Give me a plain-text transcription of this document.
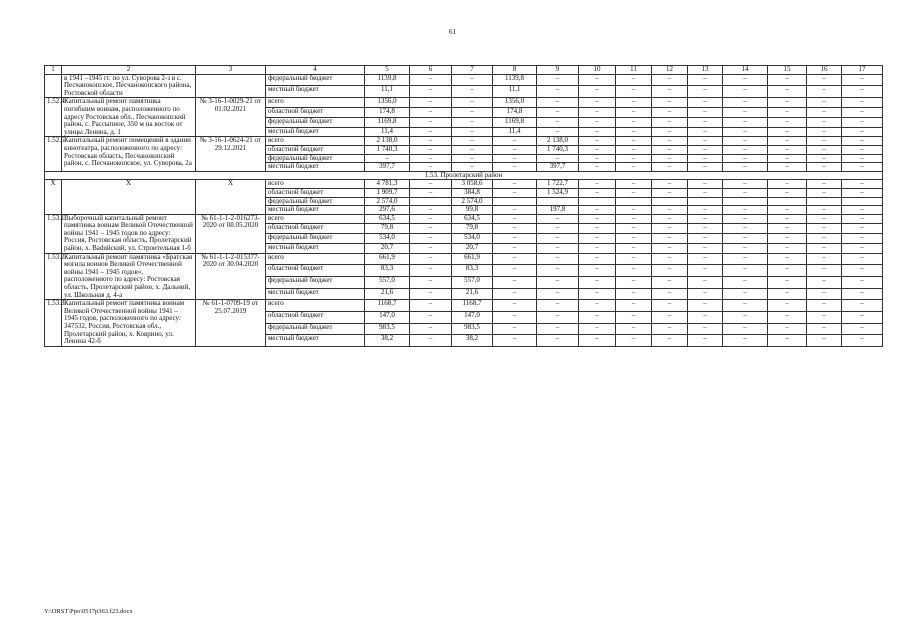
61
1	2	3	4	5	6	7	8	9	10	11	12	13	14	15	16	17
	в 1941 –1945 гг. по ул. Суворова 2-з в с. Песчанокопское, Песчанокопского района, Ростовской области		федеральный бюджет	1139,8	–	–	1139,8	–	–	–	–	–	–	–	–	–
			местный бюджет	11,1	–	–	11,1	–	–	–	–	–	–	–	–	–
1.52.4.	Капитальный ремонт памятника погибшим воинам, расположенного по адресу Ростовская обл., Песчанокопский район, с. Рассыпное, 350 м на восток от улицы Ленина, д. 1	№ 3-16-1-0029-21 от 01.02.2021	всего	1356,0	–	–	1356,0	–	–	–	–	–	–	–	–	–
			областной бюджет	174,8	–	–	174,8	–	–	–	–	–	–	–	–	–
			федеральный бюджет	1169,8	–	–	1169,8	–	–	–	–	–	–	–	–	–
			местный бюджет	11,4	–	–	11,4	–	–	–	–	–	–	–	–	–
1.52.5.	Капитальный ремонт помещений в здании кинотеатра, расположенного по адресу: Ростовская область, Песчанокопский район, с. Песчанокопское, ул. Суворова, 2а	№ 3-16-1-0624-21 от 29.12.2021	всего	2 138,0	–	–	–	2 138,0	–	–	–	–	–	–	–	–
			областной бюджет	1 740,3	–	–	–	1 740,3	–	–	–	–	–	–	–	–
			федеральный бюджет	–	–	–	–	–	–	–	–	–	–	–	–	–
			местный бюджет	397,7	–	–	–	397,7	–	–	–	–	–	–	–	–
1.53. Пролетарский район																
Х	Х	Х	всего	4 781,3	–	3 058,6	–	1 722,7	–	–	–	–	–	–	–	–
			областной бюджет	1 909,7	–	384,8	–	1 524,9	–	–	–	–	–	–	–	–
			федеральный бюджет	2 574,0		2 574,0										
			местный бюджет	297,6	–	99,8	–	197,8	–	–	–	–	–	–	–	–
1.53.1.	Выборочный капитальный ремонт памятника воинам Великой Отечественной войны 1941 – 1945 годов по адресу: Россия, Ростовская область, Пролетарский район, х. Ваduйский, ул. Строительная 1-б	№ 61-1-1-2-016273-2020 от 08.05.2020	всего	634,5	–	634,5	–	–	–	–	–	–	–	–	–	–
			областной бюджет	79,8	–	79,8	–	–	–	–	–	–	–	–	–	–
			федеральный бюджет	534,0	–	534,0	–	–	–	–	–	–	–	–	–	–
			местный бюджет	20,7	–	20,7	–	–	–	–	–	–	–	–	–	–
1.53.2.	Капитальный ремонт памятника «Братская могила воинов Великой Отечественной войны 1941 – 1945 годов», расположенного по адресу: Ростовская область, Пролетарский район, х. Дальний, ул. Школьная д. 4-а	№ 61-1-1-2-015377-2020 от 30.04.2020	всего	661,9	–	661,9	–	–	–	–	–	–	–	–	–	–
			областной бюджет	83,3	–	83,3	–	–	–	–	–	–	–	–	–	–
			федеральный бюджет	557,0	–	557,0	–	–	–	–	–	–	–	–	–	–
			местный бюджет	21,6	–	21,6	–	–	–	–	–	–	–	–	–	–
1.53.3.	Капитальный ремонт памятника воинам Великой Отечественной войны 1941 – 1945 годов, расположенного по адресу: 347532, Россия, Ростовская обл., Пролетарский район, х. Коврино, ул. Ленина 42-б	№ 61-1-0709-19 от 25.07.2019	всего	1168,7	–	1168,7	–	–	–	–	–	–	–	–	–	–
			областной бюджет	147,0	–	147,0	–	–	–	–	–	–	–	–	–	–
			федеральный бюджет	983,5	–	983,5	–	–	–	–	–	–	–	–	–	–
			местный бюджет	38,2	–	38,2	–	–	–	–	–	–	–	–	–	–
Y:\ORST\Ppo\0517p363.f23.docx
